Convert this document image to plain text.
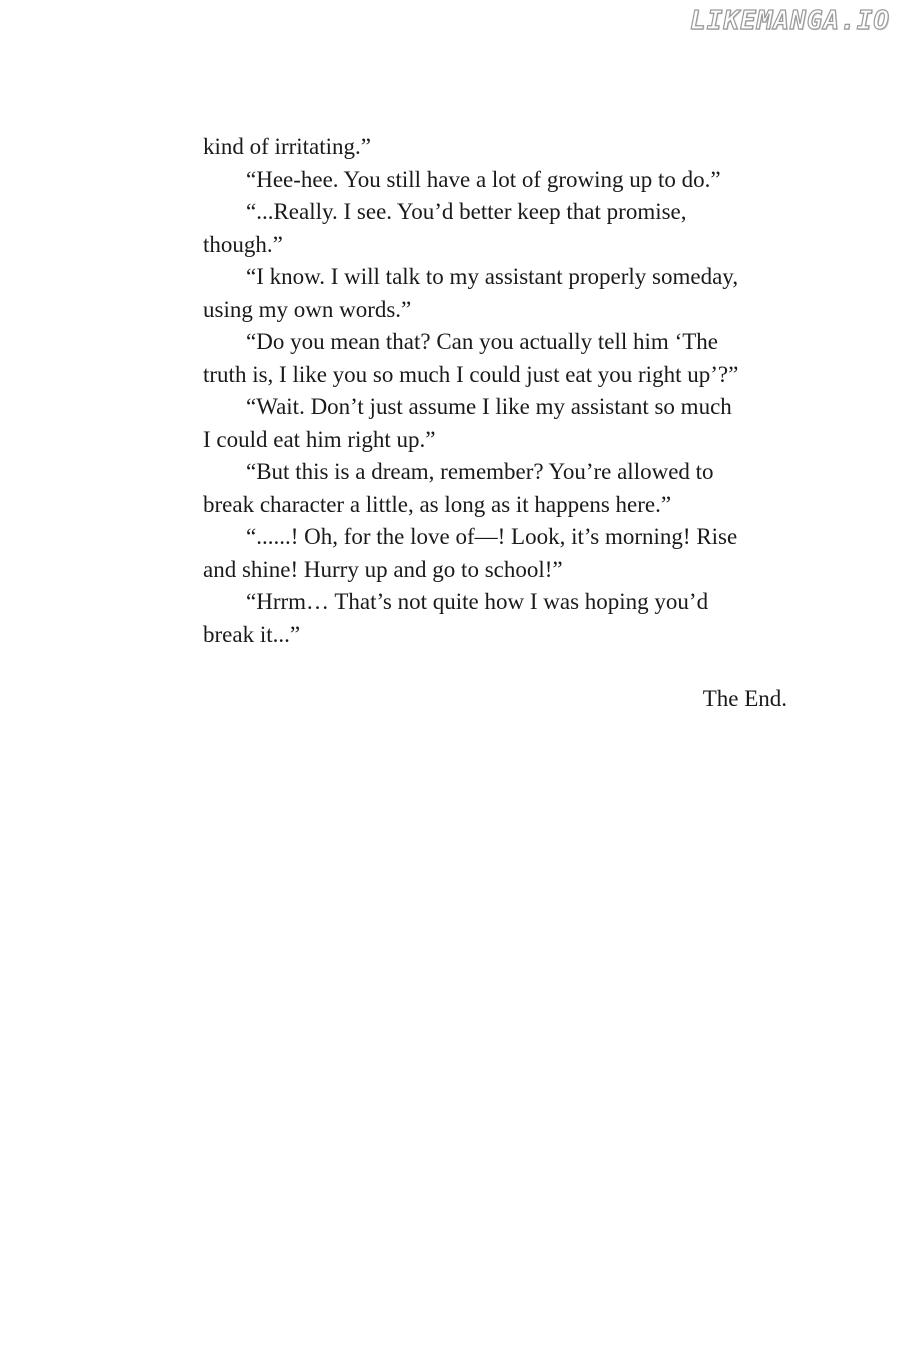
LIKEMANGA.IO

kind of irritating.”

“Hee-hee. You still have a lot of growing up to do.”

“...Really. I see. You’d better keep that promise,
though.”

“I know. I will talk to my assistant properly someday,
using my own words.”

“Do you mean that? Can you actually tell him ‘The
truth is, I like you so much I could just eat you right up’?”

“Wait. Don’t just assume I like my assistant so much
I could eat him right up.”

“But this is a dream, remember? You’re allowed to
break character a little, as long as it happens here.”

“......! Oh, for the love of—! Look, it’s morning! Rise
and shine! Hurry up and go to school!”

“Hrrm… That’s not quite how I was hoping you’d
break it...”

The End.
